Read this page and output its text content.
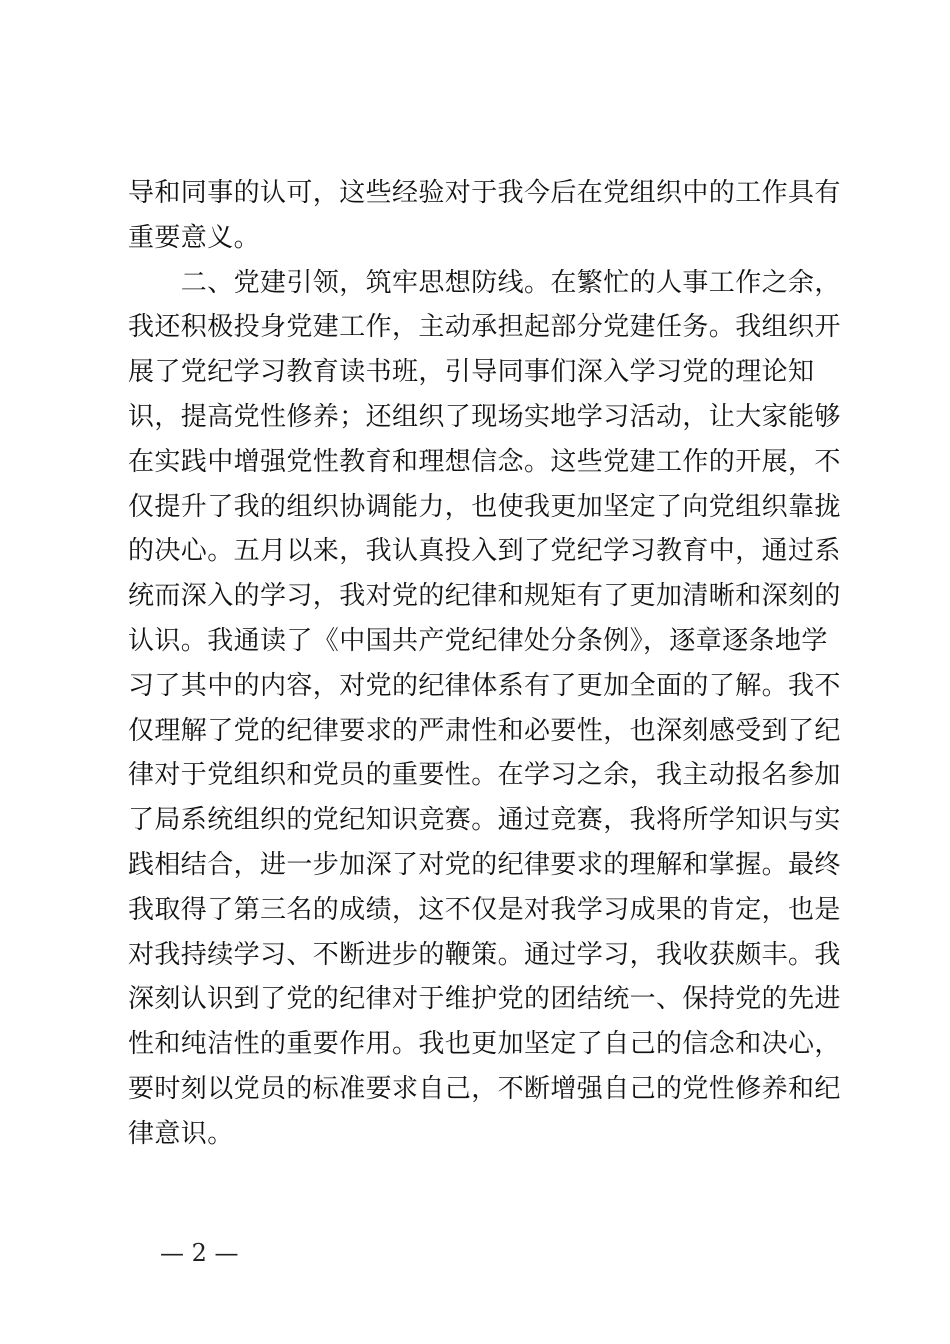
导和同事的认可，这些经验对于我今后在党组织中的工作具有
重要意义。
　　二、党建引领，筑牢思想防线。在繁忙的人事工作之余，
我还积极投身党建工作，主动承担起部分党建任务。我组织开
展了党纪学习教育读书班，引导同事们深入学习党的理论知
识，提高党性修养；还组织了现场实地学习活动，让大家能够
在实践中增强党性教育和理想信念。这些党建工作的开展，不
仅提升了我的组织协调能力，也使我更加坚定了向党组织靠拢
的决心。五月以来，我认真投入到了党纪学习教育中，通过系
统而深入的学习，我对党的纪律和规矩有了更加清晰和深刻的
认识。我通读了《中国共产党纪律处分条例》，逐章逐条地学
习了其中的内容，对党的纪律体系有了更加全面的了解。我不
仅理解了党的纪律要求的严肃性和必要性，也深刻感受到了纪
律对于党组织和党员的重要性。在学习之余，我主动报名参加
了局系统组织的党纪知识竞赛。通过竞赛，我将所学知识与实
践相结合，进一步加深了对党的纪律要求的理解和掌握。最终
我取得了第三名的成绩，这不仅是对我学习成果的肯定，也是
对我持续学习、不断进步的鞭策。通过学习，我收获颇丰。我
深刻认识到了党的纪律对于维护党的团结统一、保持党的先进
性和纯洁性的重要作用。我也更加坚定了自己的信念和决心，
要时刻以党员的标准要求自己，不断增强自己的党性修养和纪
律意识。
— 2 —
